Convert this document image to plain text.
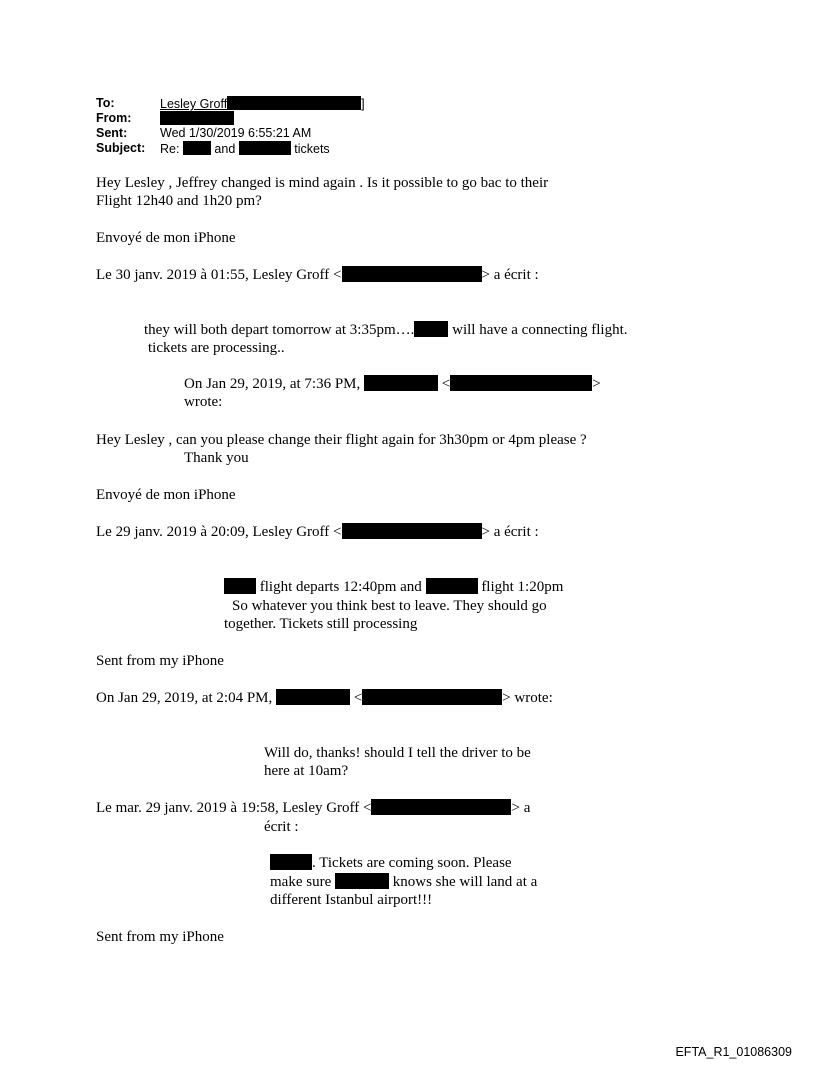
To:	Lesley Groff	]
From:
Sent:	Wed 1/30/2019 6:55:21 AM
Subject: Re:	and	tickets
Hey Lesley , Jeffrey changed is mind again . Is it possible to go bac to their
Flight 12h40 and 1h20 pm?
Envoyé de mon iPhone
Le 30 janv. 2019 à 01:55, Lesley Groff <	> a écrit :
they will both depart tomorrow at 3:35pm….	will have a connecting flight.
tickets are processing..
On Jan 29, 2019, at 7:36 PM,	<	>
wrote:
Hey Lesley , can you please change their flight again for 3h30pm or 4pm please ?
Thank you
Envoyé de mon iPhone
Le 29 janv. 2019 à 20:09, Lesley Groff <	> a écrit :
flight departs 12:40pm and	flight 1:20pm
So whatever you think best to leave. They should go
together. Tickets still processing
Sent from my iPhone
On Jan 29, 2019, at 2:04 PM,	<	> wrote:
Will do, thanks! should I tell the driver to be
here at 10am?
Le mar. 29 janv. 2019 à 19:58, Lesley Groff <	> a
écrit :
. Tickets are coming soon. Please
make sure	knows she will land at a
different Istanbul airport!!!
Sent from my iPhone
EFTA_R1_01086309
